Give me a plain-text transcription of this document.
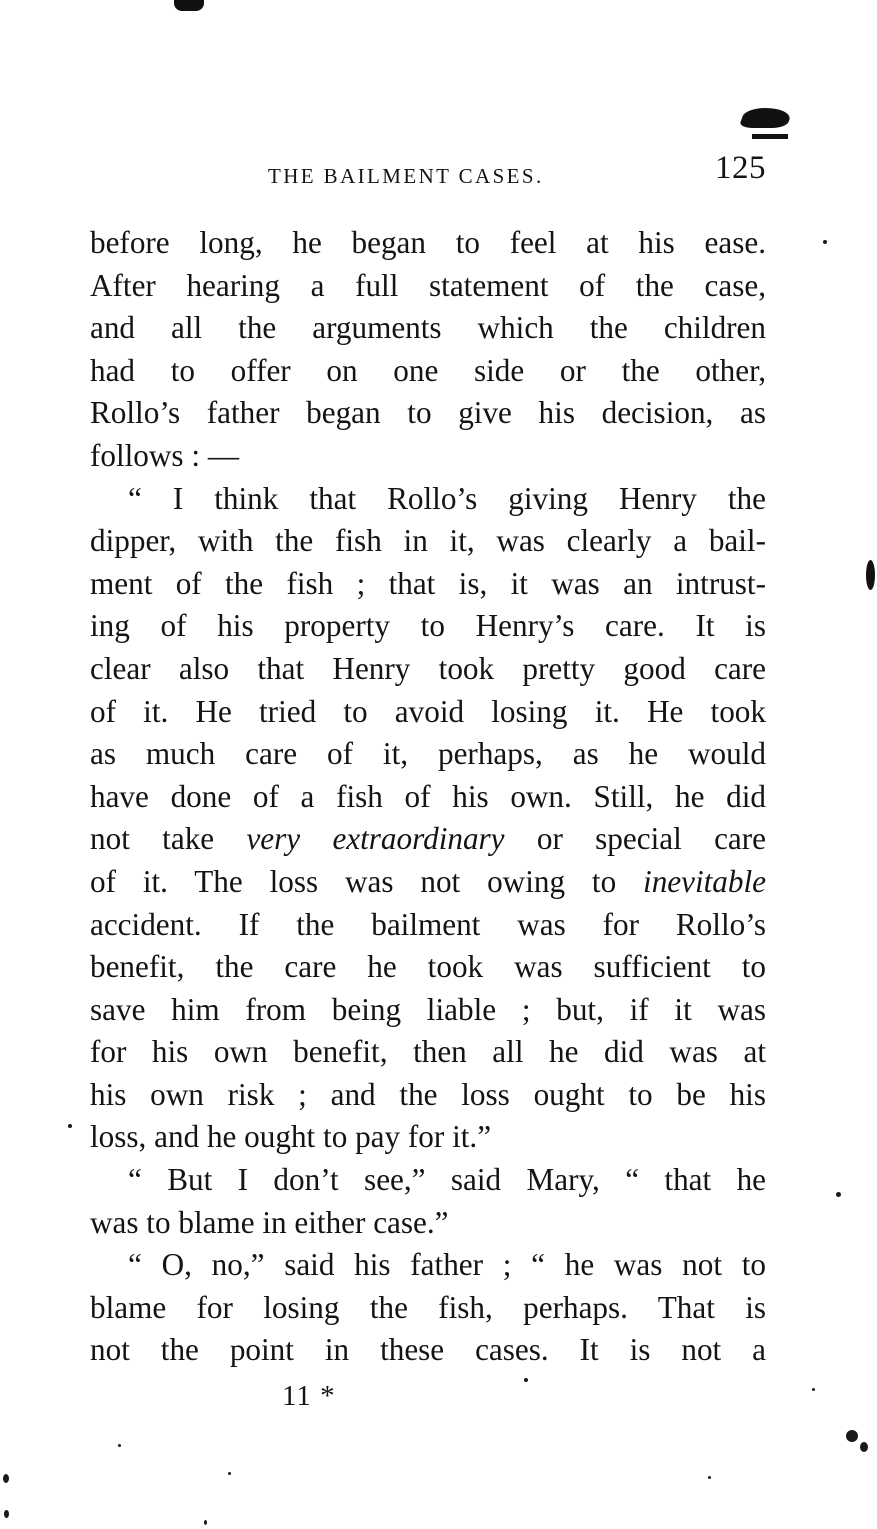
THE BAILMENT CASES.	125
before long, he began to feel at his ease.
After hearing a full statement of the case,
and all the arguments which the children
had to offer on one side or the other,
Rollo’s father began to give his decision, as
follows : —
“ I think that Rollo’s giving Henry the
dipper, with the fish in it, was clearly a bail-
ment of the fish ; that is, it was an intrust-
ing of his property to Henry’s care. It is
clear also that Henry took pretty good care
of it. He tried to avoid losing it. He took
as much care of it, perhaps, as he would
have done of a fish of his own. Still, he did
not take very extraordinary or special care
of it. The loss was not owing to inevitable
accident. If the bailment was for Rollo’s
benefit, the care he took was sufficient to
save him from being liable ; but, if it was
for his own benefit, then all he did was at
his own risk ; and the loss ought to be his
loss, and he ought to pay for it.”
“ But I don’t see,” said Mary, “ that he
was to blame in either case.”
“ O, no,” said his father ; “ he was not to
blame for losing the fish, perhaps. That is
not the point in these cases. It is not a
11 *
